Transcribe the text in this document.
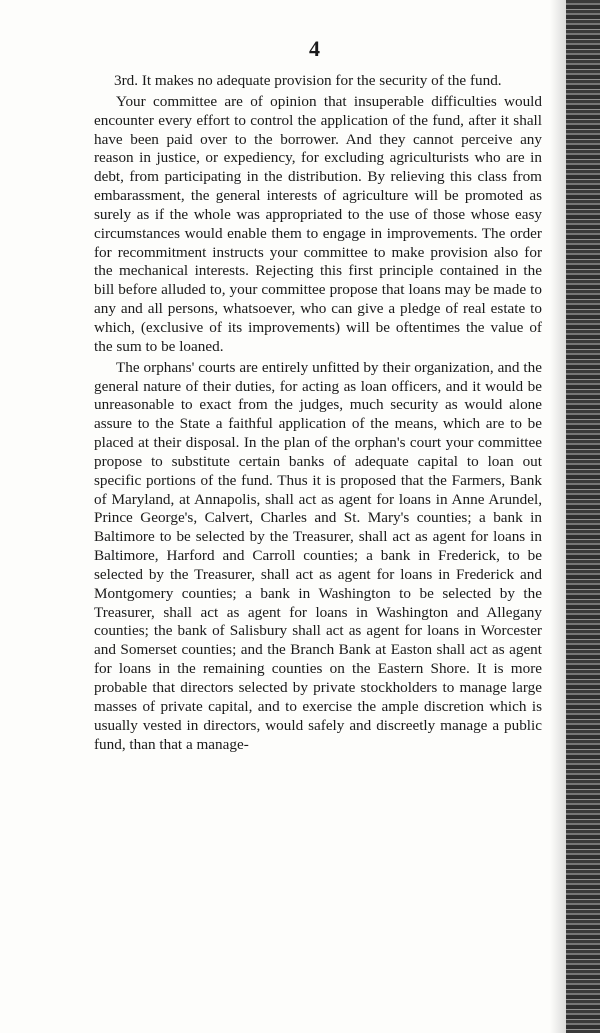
4

3rd. It makes no adequate provision for the security of the fund.

Your committee are of opinion that insuperable difficulties would encounter every effort to control the application of the fund, after it shall have been paid over to the borrower. And they cannot perceive any reason in justice, or expediency, for excluding agriculturists who are in debt, from participating in the distribution. By relieving this class from embarassment, the general interests of agriculture will be promoted as surely as if the whole was appropriated to the use of those whose easy circumstances would enable them to engage in improvements. The order for recommitment instructs your committee to make provision also for the mechanical interests. Rejecting this first principle contained in the bill before alluded to, your committee propose that loans may be made to any and all persons, whatsoever, who can give a pledge of real estate to which, (exclusive of its improvements) will be oftentimes the value of the sum to be loaned.

The orphans' courts are entirely unfitted by their organization, and the general nature of their duties, for acting as loan officers, and it would be unreasonable to exact from the judges, much security as would alone assure to the State a faithful application of the means, which are to be placed at their disposal. In the plan of the orphan's court your committee propose to substitute certain banks of adequate capital to loan out specific portions of the fund. Thus it is proposed that the Farmers, Bank of Maryland, at Annapolis, shall act as agent for loans in Anne Arundel, Prince George's, Calvert, Charles and St. Mary's counties; a bank in Baltimore to be selected by the Treasurer, shall act as agent for loans in Baltimore, Harford and Carroll counties; a bank in Frederick, to be selected by the Treasurer, shall act as agent for loans in Frederick and Montgomery counties; a bank in Washington to be selected by the Treasurer, shall act as agent for loans in Washington and Allegany counties; the bank of Salisbury shall act as agent for loans in Worcester and Somerset counties; and the Branch Bank at Easton shall act as agent for loans in the remaining counties on the Eastern Shore. It is more probable that directors selected by private stockholders to manage large masses of private capital, and to exercise the ample discretion which is usually vested in directors, would safely and discreetly manage a public fund, than that a manage-
